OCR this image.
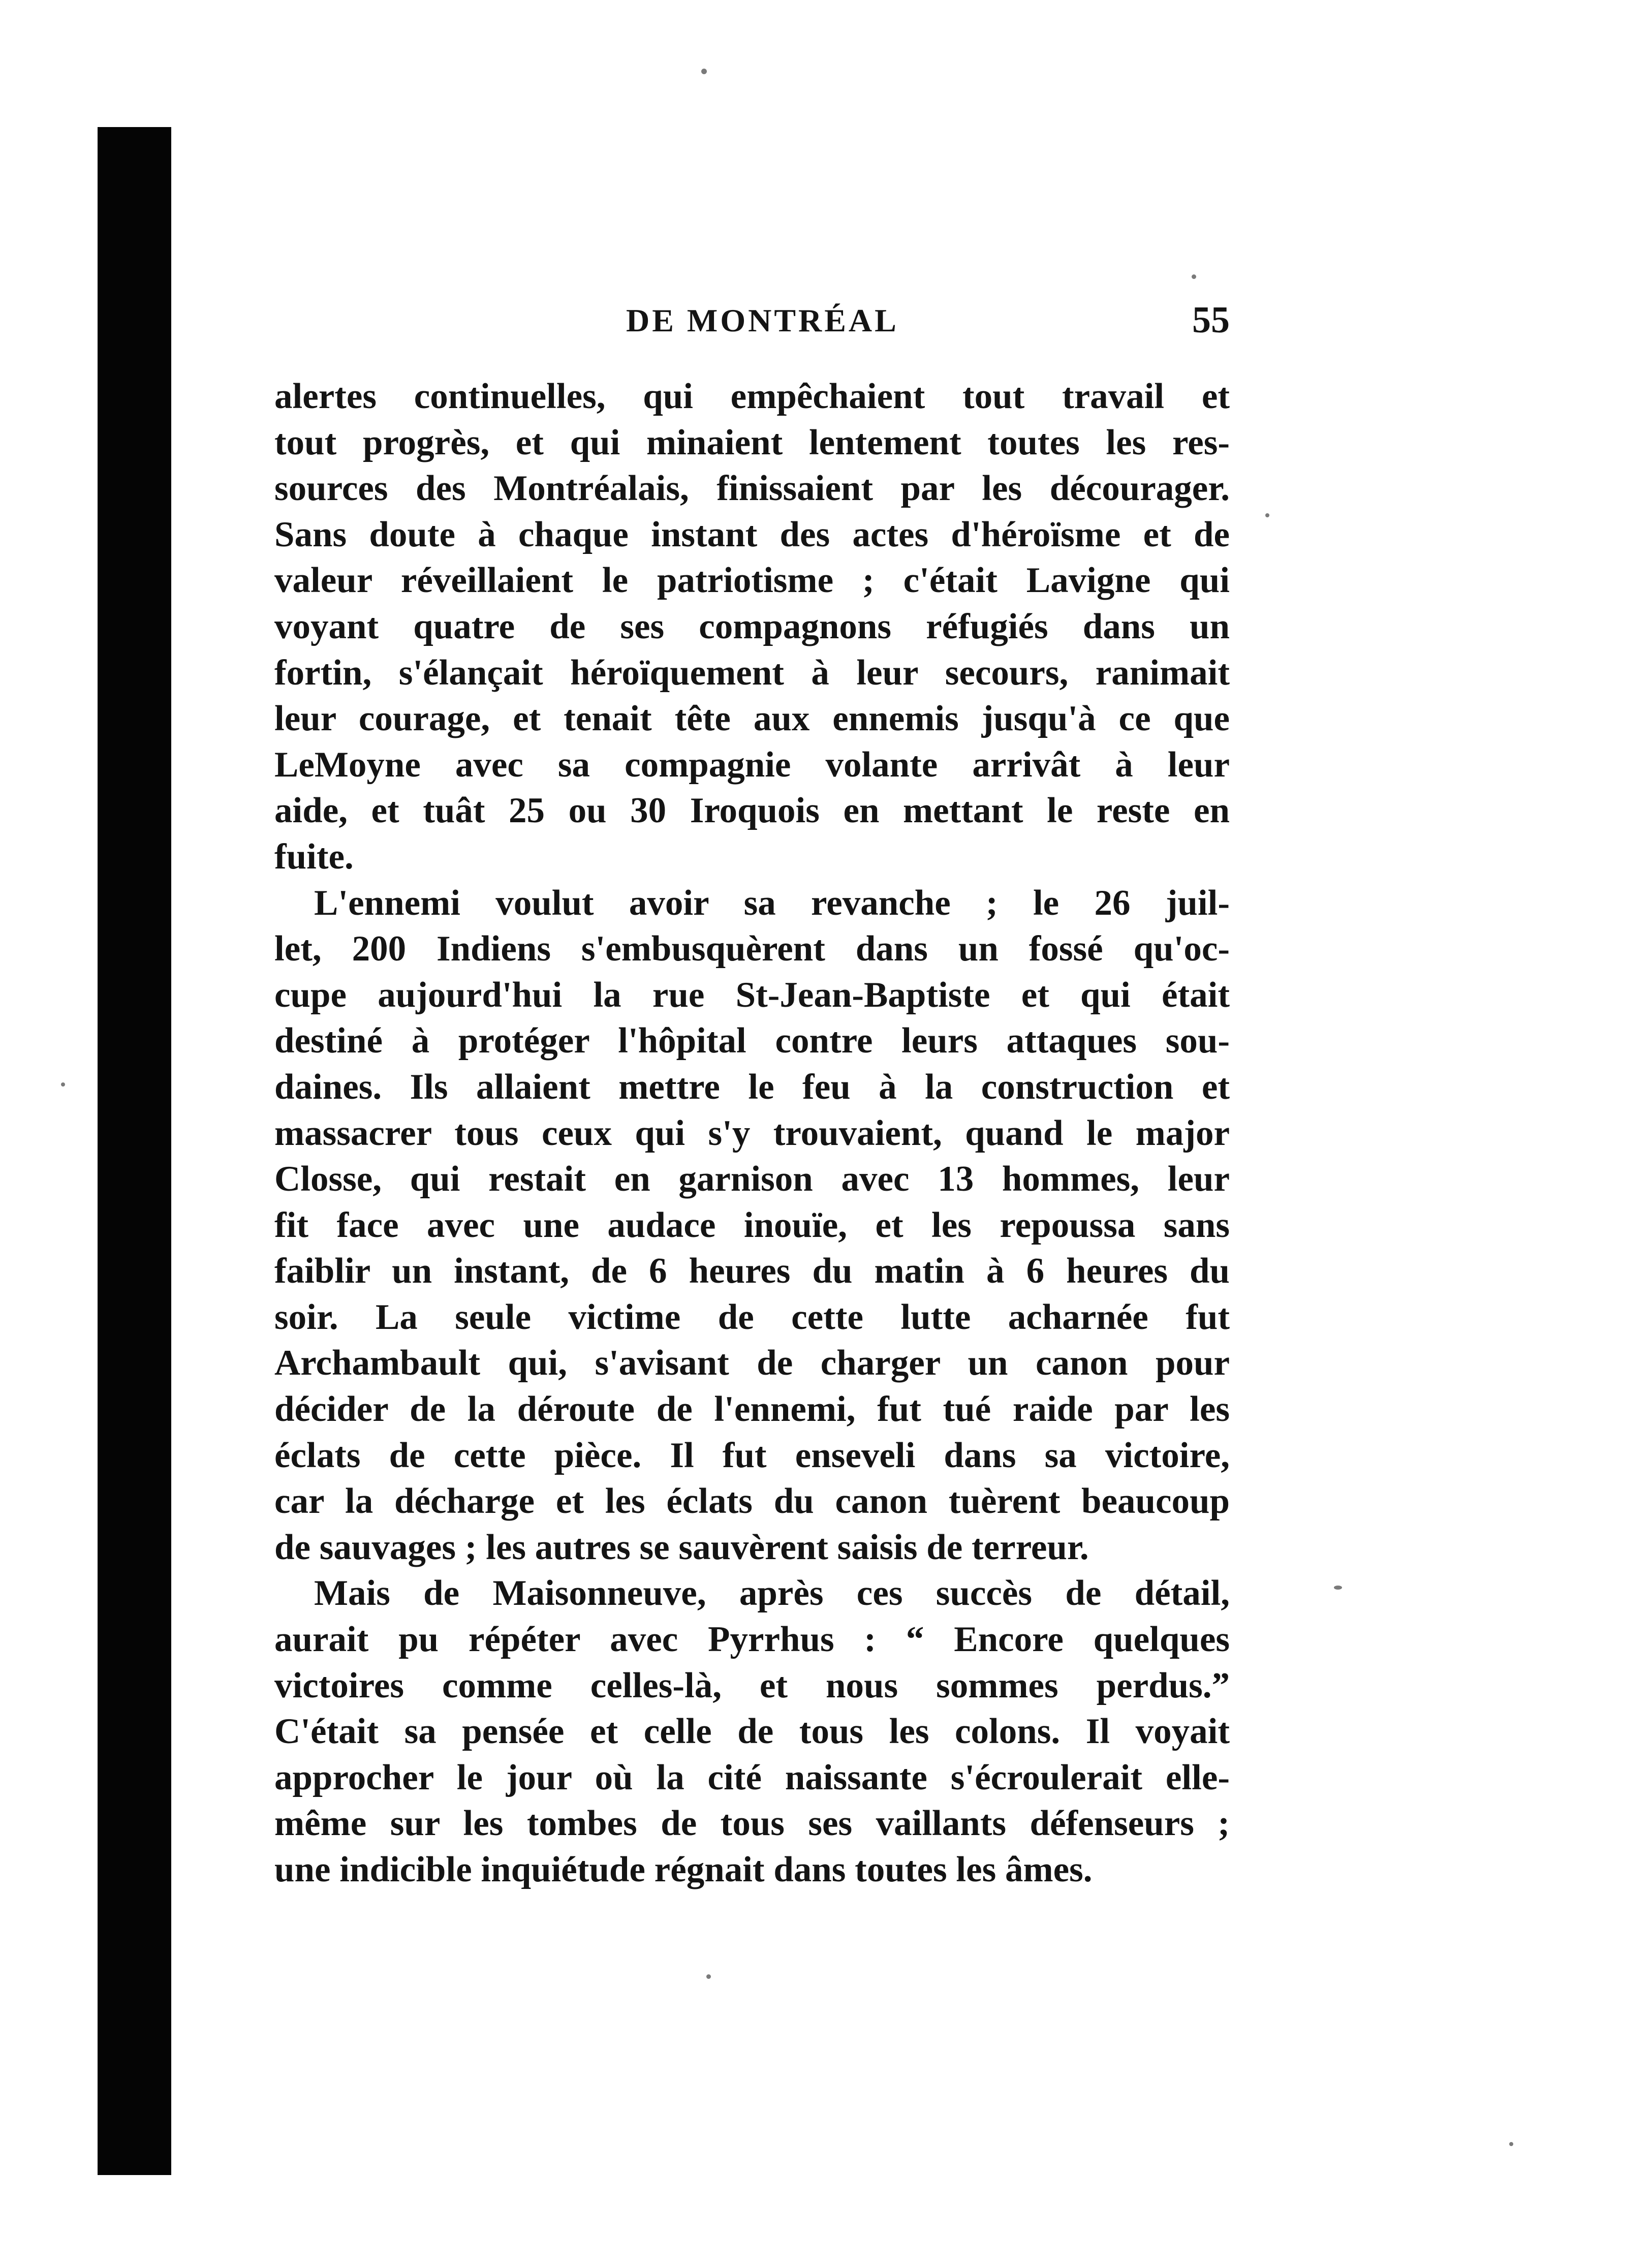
DE MONTRÉAL	55
alertes continuelles, qui empêchaient tout travail et
tout progrès, et qui minaient lentement toutes les res-
sources des Montréalais, finissaient par les décourager.
Sans doute à chaque instant des actes d'héroïsme et de
valeur réveillaient le patriotisme ; c'était Lavigne qui
voyant quatre de ses compagnons réfugiés dans un
fortin, s'élançait héroïquement à leur secours, ranimait
leur courage, et tenait tête aux ennemis jusqu'à ce que
LeMoyne avec sa compagnie volante arrivât à leur
aide, et tuât 25 ou 30 Iroquois en mettant le reste en
fuite.
L'ennemi voulut avoir sa revanche ; le 26 juil-
let, 200 Indiens s'embusquèrent dans un fossé qu'oc-
cupe aujourd'hui la rue St-Jean-Baptiste et qui était
destiné à protéger l'hôpital contre leurs attaques sou-
daines. Ils allaient mettre le feu à la construction et
massacrer tous ceux qui s'y trouvaient, quand le major
Closse, qui restait en garnison avec 13 hommes, leur
fit face avec une audace inouïe, et les repoussa sans
faiblir un instant, de 6 heures du matin à 6 heures du
soir. La seule victime de cette lutte acharnée fut
Archambault qui, s'avisant de charger un canon pour
décider de la déroute de l'ennemi, fut tué raide par les
éclats de cette pièce. Il fut enseveli dans sa victoire,
car la décharge et les éclats du canon tuèrent beaucoup
de sauvages ; les autres se sauvèrent saisis de terreur.
Mais de Maisonneuve, après ces succès de détail,
aurait pu répéter avec Pyrrhus : “ Encore quelques
victoires comme celles-là, et nous sommes perdus.”
C'était sa pensée et celle de tous les colons. Il voyait
approcher le jour où la cité naissante s'écroulerait elle-
même sur les tombes de tous ses vaillants défenseurs ;
une indicible inquiétude régnait dans toutes les âmes.
